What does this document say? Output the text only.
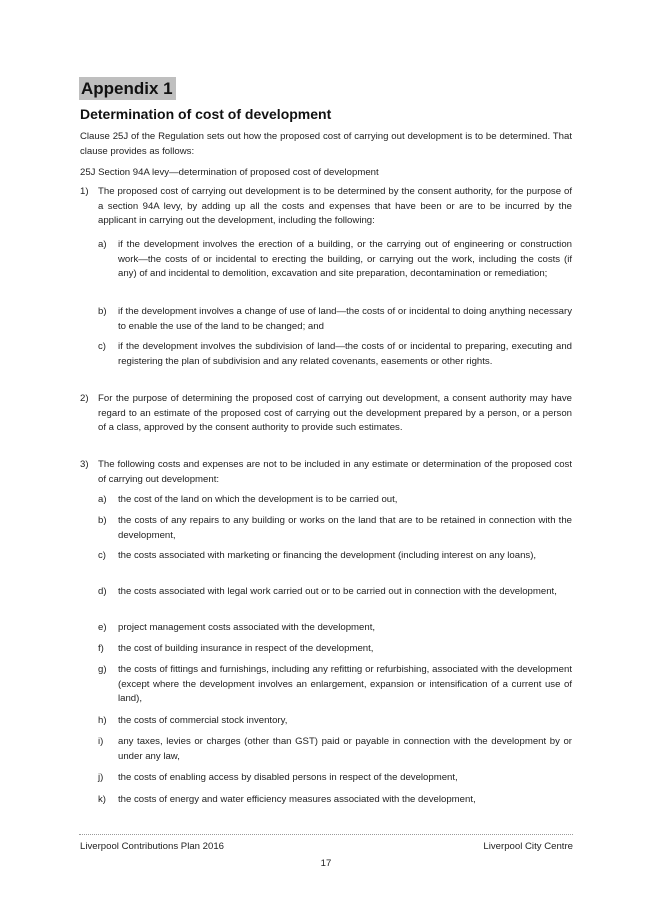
Appendix 1
Determination of cost of development

Clause 25J of the Regulation sets out how the proposed cost of carrying out development is to be determined. That clause provides as follows:

25J Section 94A levy—determination of proposed cost of development

1) The proposed cost of carrying out development is to be determined by the consent authority, for the purpose of a section 94A levy, by adding up all the costs and expenses that have been or are to be incurred by the applicant in carrying out the development, including the following:
a) if the development involves the erection of a building, or the carrying out of engineering or construction work—the costs of or incidental to erecting the building, or carrying out the work, including the costs (if any) of and incidental to demolition, excavation and site preparation, decontamination or remediation;
b) if the development involves a change of use of land—the costs of or incidental to doing anything necessary to enable the use of the land to be changed; and
c) if the development involves the subdivision of land—the costs of or incidental to preparing, executing and registering the plan of subdivision and any related covenants, easements or other rights.
2) For the purpose of determining the proposed cost of carrying out development, a consent authority may have regard to an estimate of the proposed cost of carrying out the development prepared by a person, or a person of a class, approved by the consent authority to provide such estimates.
3) The following costs and expenses are not to be included in any estimate or determination of the proposed cost of carrying out development:
a) the cost of the land on which the development is to be carried out,
b) the costs of any repairs to any building or works on the land that are to be retained in connection with the development,
c) the costs associated with marketing or financing the development (including interest on any loans),
d) the costs associated with legal work carried out or to be carried out in connection with the development,
e) project management costs associated with the development,
f) the cost of building insurance in respect of the development,
g) the costs of fittings and furnishings, including any refitting or refurbishing, associated with the development (except where the development involves an enlargement, expansion or intensification of a current use of land),
h) the costs of commercial stock inventory,
i) any taxes, levies or charges (other than GST) paid or payable in connection with the development by or under any law,
j) the costs of enabling access by disabled persons in respect of the development,
k) the costs of energy and water efficiency measures associated with the development,
Liverpool Contributions Plan 2016	Liverpool City Centre
17
